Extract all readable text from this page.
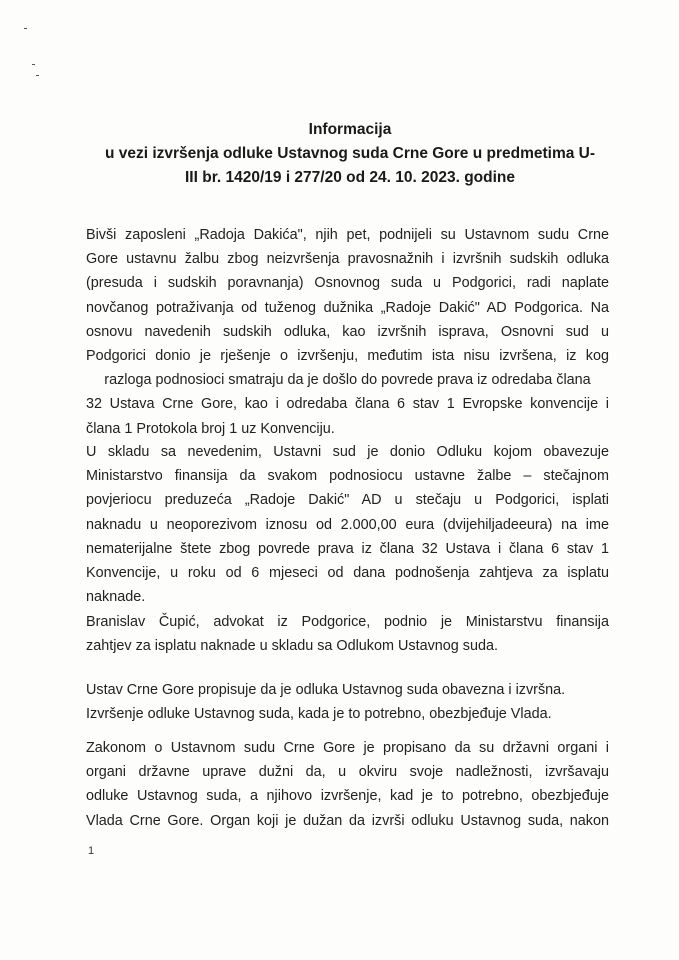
Informacija
u vezi izvršenja odluke Ustavnog suda Crne Gore u predmetima U-
III br. 1420/19 i 277/20 od 24. 10. 2023. godine
Bivši zaposleni „Radoja Dakića", njih pet, podnijeli su Ustavnom sudu Crne
Gore ustavnu žalbu zbog neizvršenja pravosnažnih i izvršnih sudskih odluka
(presuda i sudskih poravnanja) Osnovnog suda u Podgorici, radi naplate
novčanog potraživanja od tuženog dužnika „Radoje Dakić" AD Podgorica. Na
osnovu navedenih sudskih odluka, kao izvršnih isprava, Osnovni sud u
Podgorici donio je rješenje o izvršenju, međutim ista nisu izvršena, iz kog
razloga podnosioci smatraju da je došlo do povrede prava iz odredaba člana
32 Ustava Crne Gore, kao i odredaba člana 6 stav 1 Evropske konvencije i
člana 1 Protokola broj 1 uz Konvenciju.
U skladu sa nevedenim, Ustavni sud je donio Odluku kojom obavezuje
Ministarstvo finansija da svakom podnosiocu ustavne žalbe – stečajnom
povjeriocu preduzeća „Radoje Dakić" AD u stečaju u Podgorici, isplati
naknadu u neoporezivom iznosu od 2.000,00 eura (dvijehiljadeeura) na ime
nematerijalne štete zbog povrede prava iz člana 32 Ustava i člana 6 stav 1
Konvencije, u roku od 6 mjeseci od dana podnošenja zahtjeva za isplatu
naknade.
Branislav Čupić, advokat iz Podgorice, podnio je Ministarstvu finansija
zahtjev za isplatu naknade u skladu sa Odlukom Ustavnog suda.
Ustav Crne Gore propisuje da je odluka Ustavnog suda obavezna i izvršna.
Izvršenje odluke Ustavnog suda, kada je to potrebno, obezbjeđuje Vlada.
Zakonom o Ustavnom sudu Crne Gore je propisano da su državni organi i
organi državne uprave dužni da, u okviru svoje nadležnosti, izvršavaju
odluke Ustavnog suda, a njihovo izvršenje, kad je to potrebno, obezbjeđuje
Vlada Crne Gore. Organ koji je dužan da izvrši odluku Ustavnog suda, nakon
1
